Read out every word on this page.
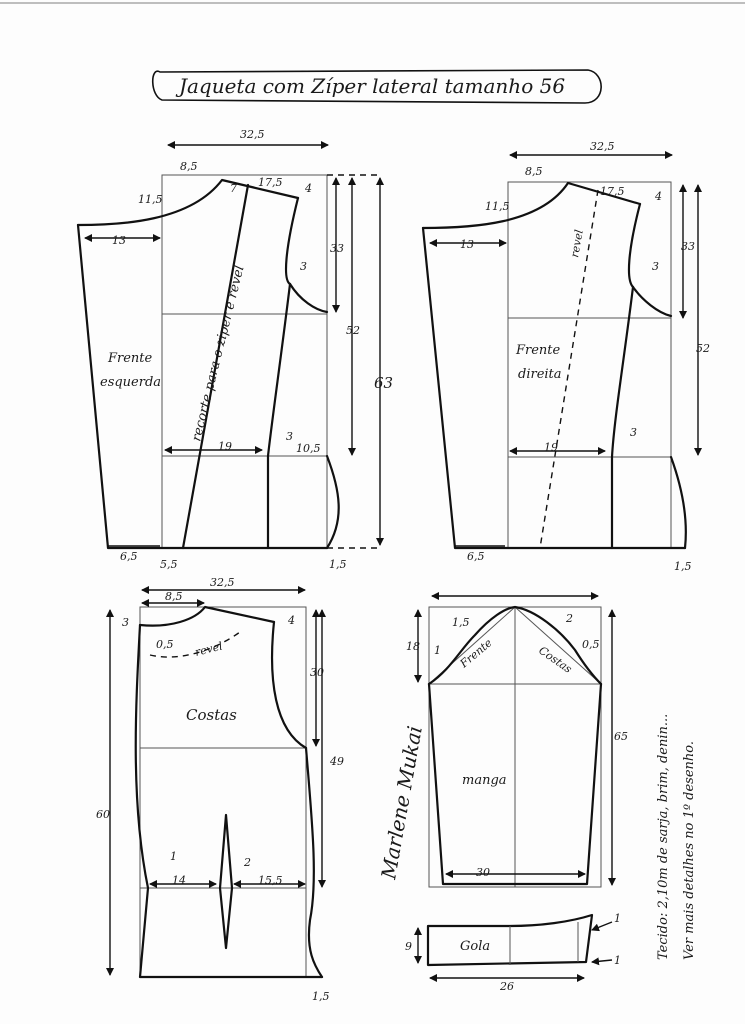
Jaqueta com Zíper lateral tamanho 56
32,5
8,5
11,5
17,5 4
7
13
33
52
63
3
19
3
10,5
6,5
5,5	1,5
Frente
esquerda recorte para o ziper e revel
32,5
8,5
11,5
17,5	4
13	33
52
3
19
3
6,5
1,5
Frente
direita
revel
32,5
8,5
3
0,5
4
30
49
60
1	2
14	15,5
1,5
Costas
revel
Marlene Mukai
18
1,5
1
2
0,5
65
30
Frente	Costas
manga
9
26
1
1
Gola	Tecido: 2,10m de sarja, brim, denin... Ver mais detalhes no 1º desenho.
